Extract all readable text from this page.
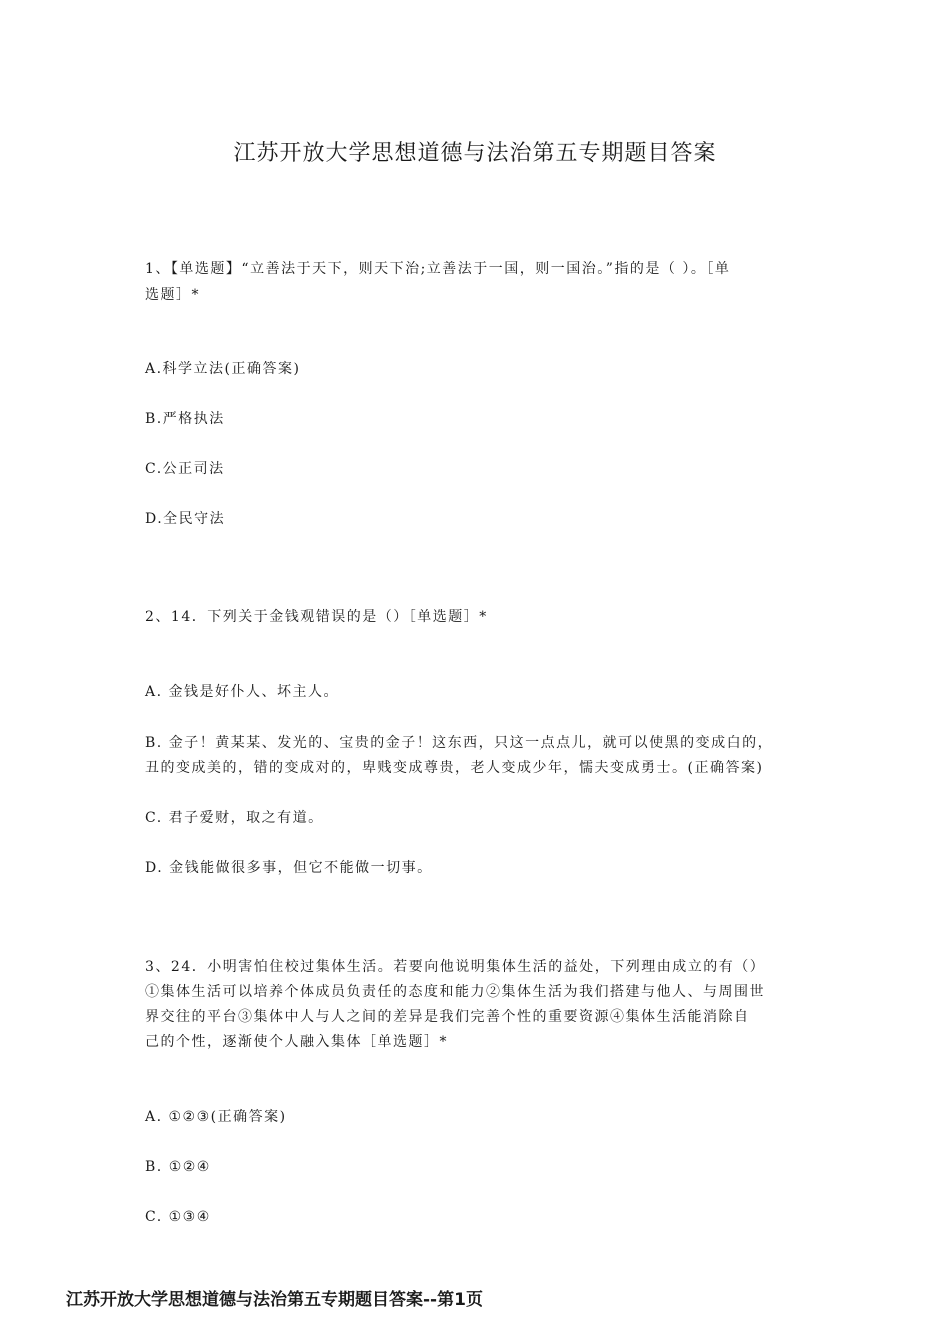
江苏开放大学思想道德与法治第五专期题目答案
1、【单选题】“立善法于天下，则天下治;立善法于一国，则一国治。”指的是（ ）。［单
选题］*
A.科学立法(正确答案)
B.严格执法
C.公正司法
D.全民守法
2、14．下列关于金钱观错误的是（）［单选题］*
A. 金钱是好仆人、坏主人。
B. 金子！黄某某、发光的、宝贵的金子！这东西，只这一点点儿，就可以使黑的变成白的，
丑的变成美的，错的变成对的，卑贱变成尊贵，老人变成少年，懦夫变成勇士。(正确答案)
C. 君子爱财，取之有道。
D. 金钱能做很多事，但它不能做一切事。
3、24．小明害怕住校过集体生活。若要向他说明集体生活的益处，下列理由成立的有（）
①集体生活可以培养个体成员负责任的态度和能力②集体生活为我们搭建与他人、与周围世
界交往的平台③集体中人与人之间的差异是我们完善个性的重要资源④集体生活能消除自
己的个性，逐渐使个人融入集体［单选题］*
A. ①②③(正确答案)
B. ①②④
C. ①③④
江苏开放大学思想道德与法治第五专期题目答案--第1页
